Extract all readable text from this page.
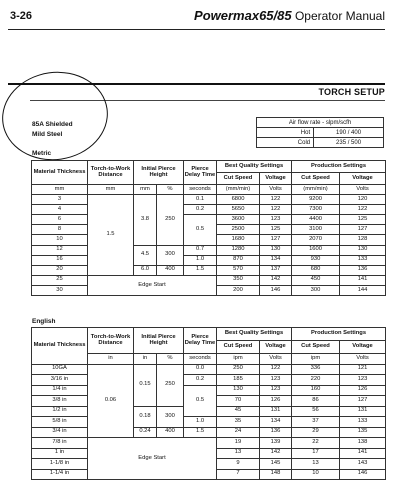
3-26	Powermax65/85 Operator Manual
TORCH SETUP
85A Shielded
Mild Steel
Air flow rate - slpm/scfh	
Hot	190 / 400
Cold	235 / 500
Metric
Material Thickness	Torch-to-Work Distance	Initial Pierce Height		Pierce Delay Time	Best Quality Settings		Production Settings	
					Cut Speed	Voltage	Cut Speed	Voltage
mm	mm	mm	%	seconds	(mm/min)	Volts	(mm/min)	Volts
3	1.5	3.8	250	0.1	6800	122	9200	120
4				0.2	5650	122	7300	122
6				0.5	3600	123	4400	125
8					2500	125	3100	127
10					1680	127	2070	128
12		4.5	300	0.7	1280	130	1600	130
16				1.0	870	134	930	133
20		6.0	400	1.5	570	137	680	136
25	Edge Start				350	142	450	141
30					200	146	300	144
English
Material Thickness	Torch-to-Work Distance	Initial Pierce Height		Pierce Delay Time	Best Quality Settings		Production Settings	
					Cut Speed	Voltage	Cut Speed	Voltage
	in	in	%	seconds	ipm	Volts	ipm	Volts
10GA	0.06	0.15	250	0.0	250	122	336	121
3/16 in				0.2	185	123	220	123
1/4 in				0.5	130	123	160	126
3/8 in					70	126	86	127
1/2 in		0.18	300		45	131	56	131
5/8 in				1.0	35	134	37	133
3/4 in		0.24	400	1.5	24	136	29	135
7/8 in	Edge Start				19	139	22	138
1 in					13	142	17	141
1-1/8 in					9	145	13	143
1-1/4 in					7	148	10	146
